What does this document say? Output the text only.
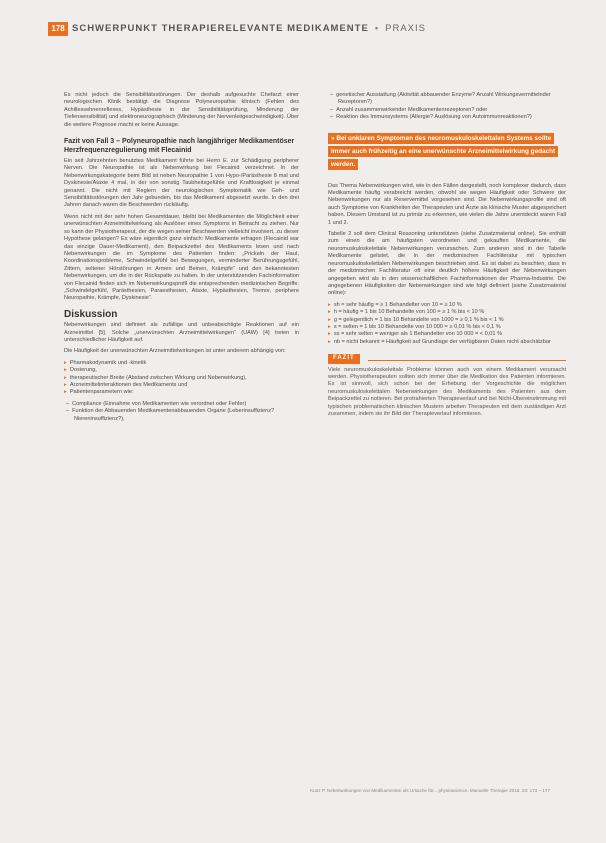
178 SCHWERPUNKT THERAPIERELEVANTE MEDIKAMENTE • PRAXIS

Es nicht jedoch die Sensibilitätsstörungen. Der deshalb aufgesuchte Chefarzt einer neurologischen Klinik bestätigt die Diagnose Polyneuropathie klinisch (Fehlen des Achillessehnenreflexes, Hypästhesie in der Sensibilitätsprüfung, Minderung der Tiefensensibilität) und elektroneurographisch (Minderung der Nervenleitgeschwindigkeit). Über die weitere Prognose macht er keine Aussage.

Fazit von Fall 3 – Polyneuropathie nach langjähriger Medikamentöser Herzfrequenzregulierung mit Flecainid

Ein seit Jahrzehnten benutztes Medikament führte bei Herrn E. zur Schädigung peripherer Nerven. Die Neuropathie ist als Nebenwirkung bei Flecainid verzeichnet. In der Nebenwirkungskategorie beim Bild ist neben Neuropathie 1 von Hypo-/Parästhesie 8 mal und Dyskinesie/Ataxie 4 mal, in der von sonstig Taubheitsgefühle und Kraftlosigkeit je einmal genannt. Die nicht mit Reglern der neurologischen Symptomatik wie Geh- und Sensibilitätsstörungen den Jahr gebunden, bis das Medikament abgesetzt wurde. In den drei Jahren danach waren die Beschwerden rückläufig.

Wenn nicht mit der sehr hohen Gesamtdauer, bleibt bei Medikamenten die Möglichkeit einer unerwünschten Arzneimittelwirkung als Auslöser eines Symptoms in Betracht zu ziehen. Nur so kann der Physiotherapeut, der die wegen seiner Beschwerden vielleicht involviert, zu dieser Hypothese gelangen? Es wäre eigentlich ganz einfach: Medikamente erfragen (Flecainid war das einzige Dauer-Medikament), den Beipackzettel des Medikaments lesen und nach Nebenwirkungen die im Symptome des Patienten finden: „Prickeln der Haut, Koordinationsprobleme, Schwindelgefühl bei Bewegungen, verminderter Berührungsgefühl, Zittern, seltener Hörstörungen in Armen und Beinen, Krämpfe“ und den bekanntesten Nebenwirkungen, um die in der Rückspalte zu halten. In der unterstützenden Fachinformation von Flecainid finden sich im Nebenwirkungsprofil die entsprechenden medizinischen Begriffe: „Schwindelgefühl, Parästhesien, Paraesthesien, Ataxie, Hypästhesien, Tremor, periphere Neuropathie, Krämpfe, Dyskinesie“.

Diskussion

Nebenwirkungen sind definiert als zufällige und unbeabsichtigte Reaktionen auf ein Arzneimittel [5]. Solche „unerwünschten Arzneimittelwirkungen“ (UAW) [4] treten in unterschiedlicher Häufigkeit auf.

Die Häufigkeit der unerwünschten Arzneimittelwirkungen ist unter anderem abhängig von:

▸ Pharmakodynamik und -kinetik
▸ Dosierung,
▸ therapeutischer Breite (Abstand zwischen Wirkung und Nebenwirkung),
▸ Arzneimittelinteraktionen des Medikaments und
▸ Patientenparametern wie:
– Compliance (Einnahme von Medikamenten wie verordnet oder Fehler)
– Funktion der Abbauenden Medikamentenabbauenden Organe (Leberinsuffizienz? Niereninsuffizienz?),
– genetischer Ausstattung (Aktivität abbauender Enzyme? Anzahl Wirkungsvermittelnder Rezeptoren?)
– Anzahl zusammenwirkender Medikamentenrezeptoren? oder
– Reaktion des Immunsystems (Allergie? Auslösung von Autoimmunreaktionen?)
» Bei unklaren Symptomen des neuromuskuloskelettalen Systems sollte immer auch frühzeitig an eine unerwünschte Arzneimittelwirkung gedacht werden.

Das Thema Nebenwirkungen wird, wie in den Fällen dargestellt, noch komplexer dadurch, dass Medikamente häufig verabreicht werden, obwohl sie wegen Häufigkeit oder Schwere der Nebenwirkungen nur als Reservemittel vorgesehen sind. Die Nebenwirkungsprofile sind oft auch Symptome von Krankheiten der Therapeuten und Ärzte als klinische Muster abgespeichert haben. Diesem Umstand ist zu primär zu erkennen, wie vielen die Jahre unentdeckt waren Fall 1 und 2.

Tabelle 2 soll dem Clinical Reasoning unterstützen (siehe Zusatzmaterial online). Sie enthält zum einen die am häufigsten verordneten und gekauften Medikamente, die neuromuskuloskelettale Nebenwirkungen verursachen. Zum anderen sind in der Tabelle Medikamente gelistet, die in der medizinischen Fachliteratur mit typischen neuromuskuloskelettalen Nebenwirkungen beschrieben sind. Es ist dabei zu beachten, dass in der medizinischen Fachliteratur oft eine deutlich höhere Häufigkeit der Nebenwirkungen angegeben wird als in den wissenschaftlichen Fachinformationen der Pharma-Industrie. Die angegebenen Häufigkeiten der Nebenwirkungen sind wie folgt definiert (siehe Zusatzmaterial online):

▸ sh = sehr häufig = ≥ 1 Behandelter von 10 = ≥ 10 %
▸ h = häufig = 1 bis 10 Behandelte von 100 = ≥ 1 % bis < 10 %
▸ g = gelegentlich = 1 bis 10 Behandelte von 1000 = ≥ 0,1 % bis < 1 %
▸ s = selten = 1 bis 10 Behandelte von 10 000 = ≥ 0,01 % bis < 0,1 %
▸ ss = sehr selten = weniger als 1 Behandelter von 10 000 = < 0,01 %
▸ nb = nicht bekannt = Häufigkeit auf Grundlage der verfügbaren Daten nicht abschätzbar
FAZIT

Viele neuromuskuloskelettale Probleme können auch von einem Medikament verursacht werden. Physiotherapeuten sollten sich immer über die Medikation des Patienten informieren. Es ist sinnvoll, sich schon bei der Erhebung der Vorgeschichte die möglichen neuromuskuloskelettalen Nebenwirkungen des Medikaments des Patienten aus dem Beipackzettel zu notieren. Bei protrahierten Therapieverlauf und bei Nicht-Übereinstimmung mit typischen problematischen klinischen Mustern arbeiten Therapeuten mit dem zuständigen Arzt zusammen, indem sie ihr Bild der Therapieverlauf informieren.

Kunz P. Nebenwirkungen von Medikamenten als Ursache für... physioscience. Manuelle Therapie 2016; 20: 173 – 177
